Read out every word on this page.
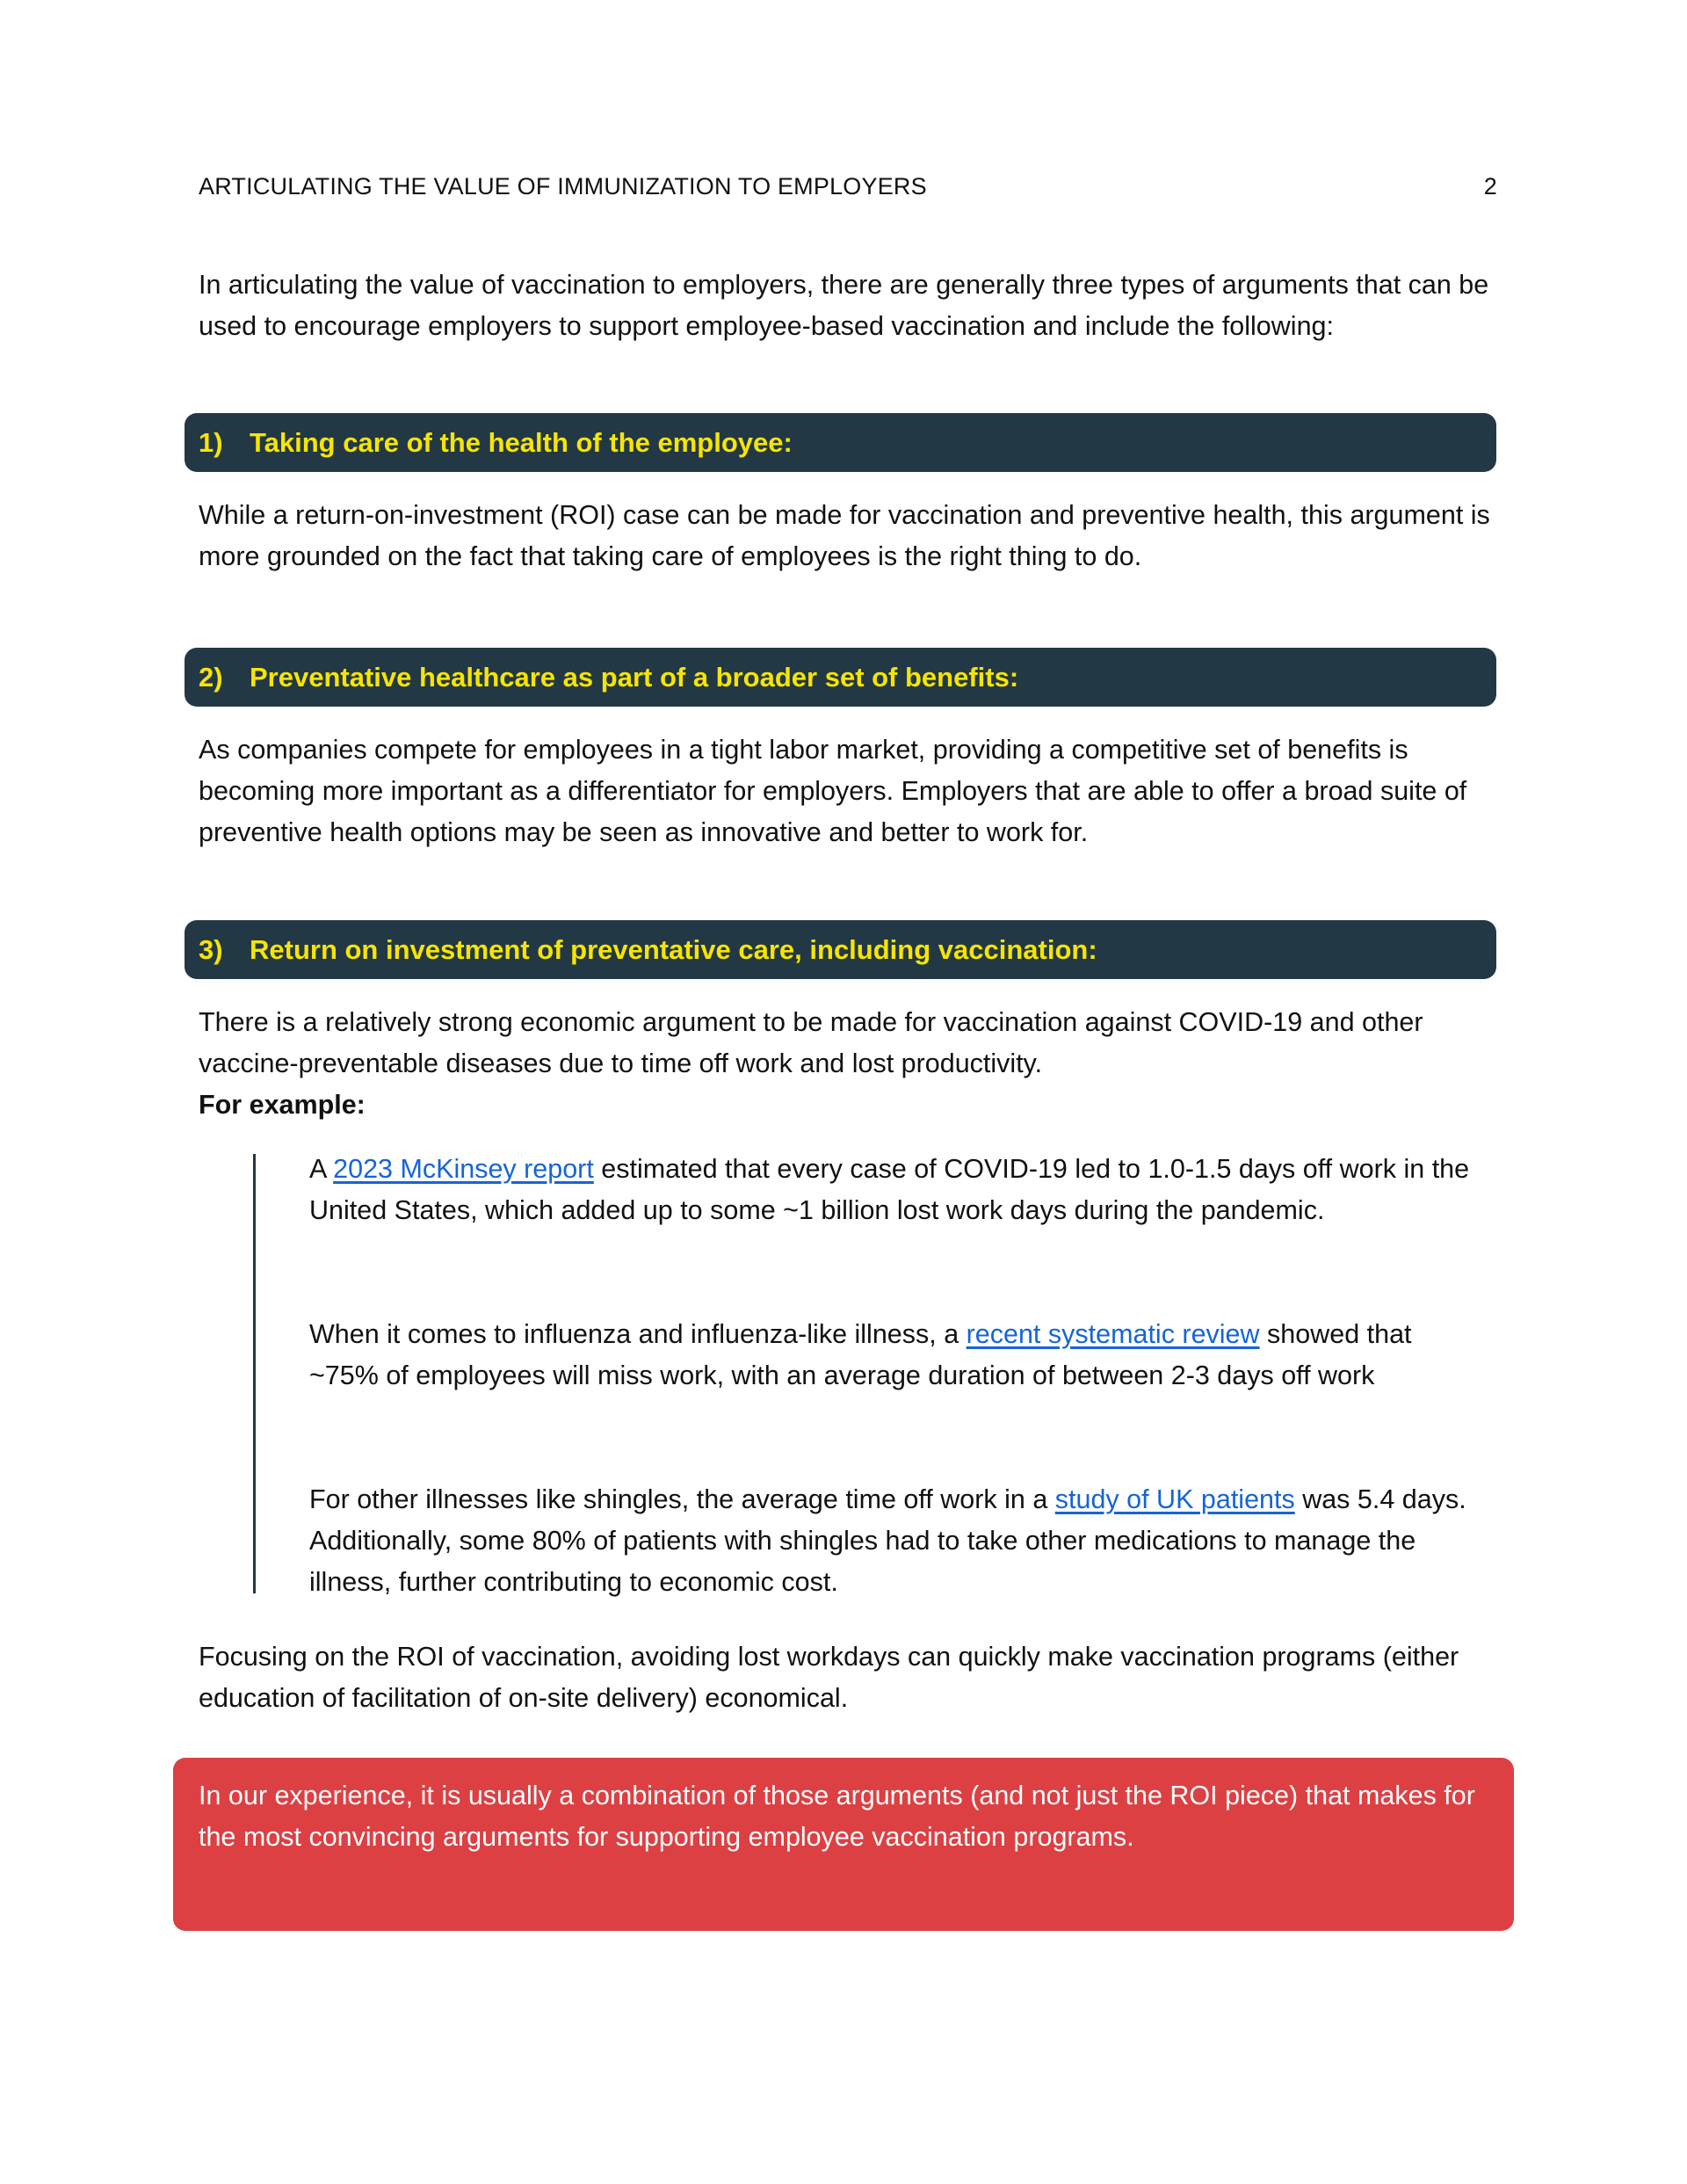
ARTICULATING THE VALUE OF IMMUNIZATION TO EMPLOYERS	2

In articulating the value of vaccination to employers, there are generally three types of arguments that can be used to encourage employers to support employee-based vaccination and include the following:

1) Taking care of the health of the employee:

While a return-on-investment (ROI) case can be made for vaccination and preventive health, this argument is more grounded on the fact that taking care of employees is the right thing to do.

2) Preventative healthcare as part of a broader set of benefits:

As companies compete for employees in a tight labor market, providing a competitive set of benefits is becoming more important as a differentiator for employers. Employers that are able to offer a broad suite of preventive health options may be seen as innovative and better to work for.

3) Return on investment of preventative care, including vaccination:

There is a relatively strong economic argument to be made for vaccination against COVID-19 and other vaccine-preventable diseases due to time off work and lost productivity.
For example:

A 2023 McKinsey report estimated that every case of COVID-19 led to 1.0-1.5 days off work in the United States, which added up to some ~1 billion lost work days during the pandemic.

When it comes to influenza and influenza-like illness, a recent systematic review showed that ~75% of employees will miss work, with an average duration of between 2-3 days off work

For other illnesses like shingles, the average time off work in a study of UK patients was 5.4 days. Additionally, some 80% of patients with shingles had to take other medications to manage the illness, further contributing to economic cost.

Focusing on the ROI of vaccination, avoiding lost workdays can quickly make vaccination programs (either education of facilitation of on-site delivery) economical.

In our experience, it is usually a combination of those arguments (and not just the ROI piece) that makes for the most convincing arguments for supporting employee vaccination programs.
